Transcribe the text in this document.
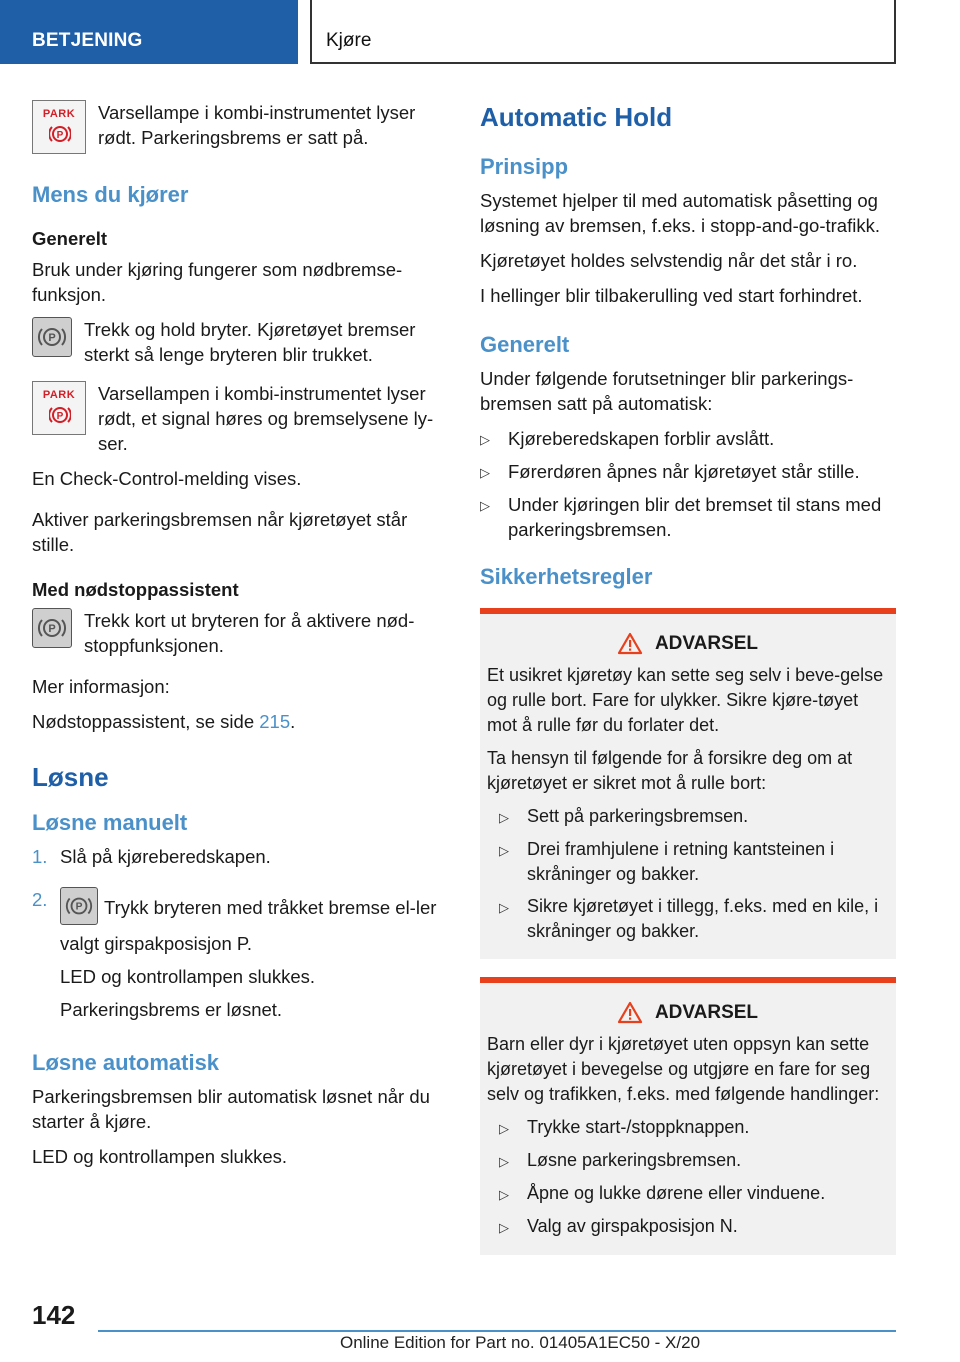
BETJENING	Kjøre
PARK
P
Varsellampe i kombi-instrumentet lyser rødt. Parkeringsbrems er satt på.
Mens du kjører
Generelt

Bruk under kjøring fungerer som nødbremse-funksjon.

P Trekk og hold bryter. Kjøretøyet bremser sterkt så lenge bryteren blir trukket.
PARK
P
Varsellampen i kombi-instrumentet lyser rødt, et signal høres og bremselysene ly-ser.

En Check-Control-melding vises.

Aktiver parkeringsbremsen når kjøretøyet står stille.

Med nødstoppassistent
P Trekk kort ut bryteren for å aktivere nød-stoppfunksjonen.

Mer informasjon:

Nødstoppassistent, se side 215.

Løsne
Løsne manuelt
1. Slå på kjøreberedskapen.

2.	P Trykk bryteren med tråkket bremse el-ler valgt girspakposisjon P.

LED og kontrollampen slukkes.

Parkeringsbrems er løsnet.

Løsne automatisk

Parkeringsbremsen blir automatisk løsnet når du starter å kjøre.

LED og kontrollampen slukkes.

Automatic Hold
Prinsipp

Systemet hjelper til med automatisk påsetting og løsning av bremsen, f.eks. i stopp-and-go-trafikk.

Kjøretøyet holdes selvstendig når det står i ro.

I hellinger blir tilbakerulling ved start forhindret.

Generelt

Under følgende forutsetninger blir parkerings-bremsen satt på automatisk:

▷ Kjøreberedskapen forblir avslått.
▷ Førerdøren åpnes når kjøretøyet står stille.
▷ Under kjøringen blir det bremset til stans med parkeringsbremsen.
Sikkerhetsregler
ADVARSEL

Et usikret kjøretøy kan sette seg selv i beve-gelse og rulle bort. Fare for ulykker. Sikre kjøre-tøyet mot å rulle før du forlater det.

Ta hensyn til følgende for å forsikre deg om at kjøretøyet er sikret mot å rulle bort:

▷	Sett på parkeringsbremsen.
▷	Drei framhjulene i retning kantsteinen i skråninger og bakker.
▷	Sikre kjøretøyet i tillegg, f.eks. med en kile, i skråninger og bakker.
ADVARSEL

Barn eller dyr i kjøretøyet uten oppsyn kan sette kjøretøyet i bevegelse og utgjøre en fare for seg selv og trafikken, f.eks. med følgende handlinger:

▷	Trykke start-/stoppknappen.
▷	Løsne parkeringsbremsen.
▷	Åpne og lukke dørene eller vinduene.
▷	Valg av girspakposisjon N.
142
Online Edition for Part no. 01405A1EC50 - X/20
